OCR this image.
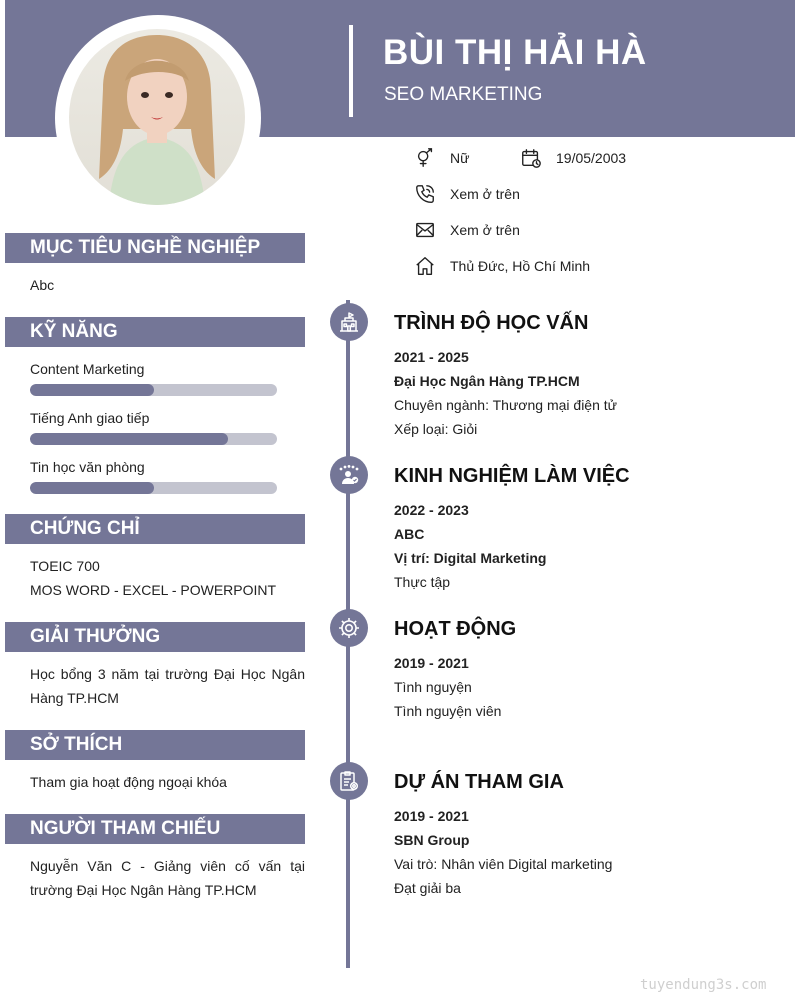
BÙI THỊ HẢI HÀ
SEO MARKETING
Nữ	19/05/2003
Xem ở trên
Xem ở trên
Thủ Đức, Hồ Chí Minh
MỤC TIÊU NGHỀ NGHIỆP
Abc
KỸ NĂNG
Content Marketing
Tiếng Anh giao tiếp
Tin học văn phòng
CHỨNG CHỈ
TOEIC 700
MOS WORD - EXCEL - POWERPOINT
GIẢI THƯỞNG
Học bổng 3 năm tại trường Đại Học Ngân Hàng TP.HCM
SỞ THÍCH
Tham gia hoạt động ngoại khóa
NGƯỜI THAM CHIẾU
Nguyễn Văn C - Giảng viên cố vấn tại trường Đại Học Ngân Hàng TP.HCM
TRÌNH ĐỘ HỌC VẤN
2021 - 2025
Đại Học Ngân Hàng TP.HCM
Chuyên ngành: Thương mại điện tử
Xếp loại: Giỏi
KINH NGHIỆM LÀM VIỆC
2022 - 2023
ABC
Vị trí: Digital Marketing
Thực tập
HOẠT ĐỘNG
2019 - 2021
Tình nguyện
Tình nguyện viên
DỰ ÁN THAM GIA
2019 - 2021
SBN Group
Vai trò: Nhân viên Digital marketing
Đạt giải ba
tuyendung3s.com
